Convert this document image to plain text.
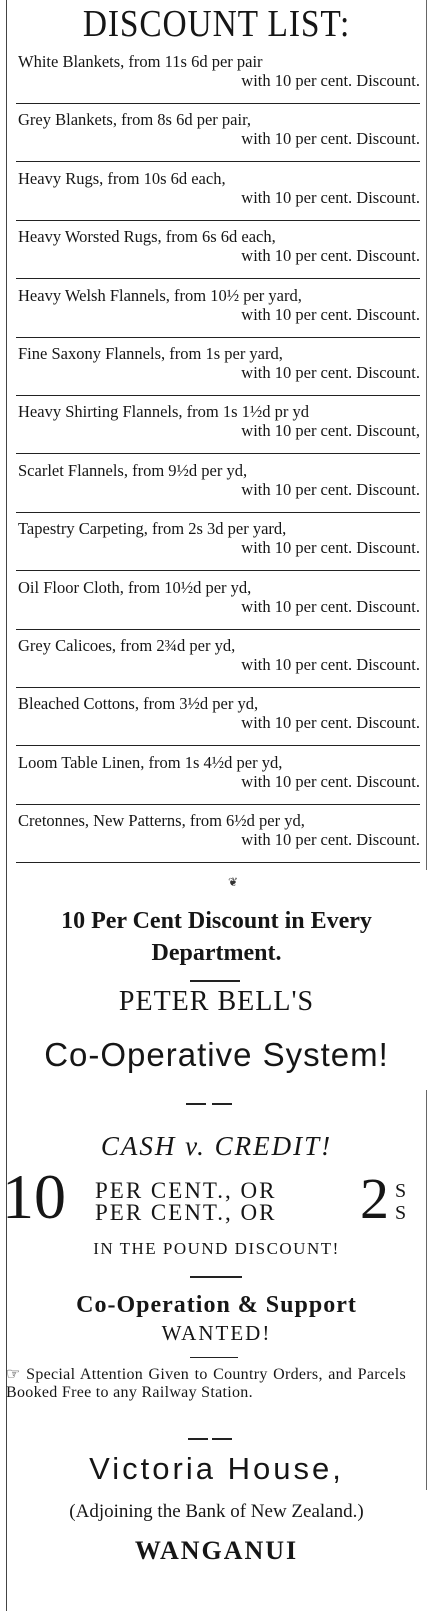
DISCOUNT LIST:
White Blankets, from 11s 6d per pair
with 10 per cent. Discount.
Grey Blankets, from 8s 6d per pair,
with 10 per cent. Discount.
Heavy Rugs, from 10s 6d each,
with 10 per cent. Discount.
Heavy Worsted Rugs, from 6s 6d each,
with 10 per cent. Discount.
Heavy Welsh Flannels, from 10½ per yard,
with 10 per cent. Discount.
Fine Saxony Flannels, from 1s per yard,
with 10 per cent. Discount.
Heavy Shirting Flannels, from 1s 1½d pr yd
with 10 per cent. Discount,
Scarlet Flannels, from 9½d per yd,
with 10 per cent. Discount.
Tapestry Carpeting, from 2s 3d per yard,
with 10 per cent. Discount.
Oil Floor Cloth, from 10½d per yd,
with 10 per cent. Discount.
Grey Calicoes, from 2¾d per yd,
with 10 per cent. Discount.
Bleached Cottons, from 3½d per yd,
with 10 per cent. Discount.
Loom Table Linen, from 1s 4½d per yd,
with 10 per cent. Discount.
Cretonnes, New Patterns, from 6½d per yd,
with 10 per cent. Discount.
❦
10 Per Cent Discount in Every
Department.
PETER BELL'S
Co-Operative System!
CASH v. CREDIT!
10 PER CENT., OR
PER CENT., OR 2 S
S
IN THE POUND DISCOUNT!
Co-Operation & Support
WANTED!
☞ Special Attention Given to Country Orders, and Parcels Booked Free to any Railway Station.
Victoria House,
(Adjoining the Bank of New Zealand.)
WANGANUI
